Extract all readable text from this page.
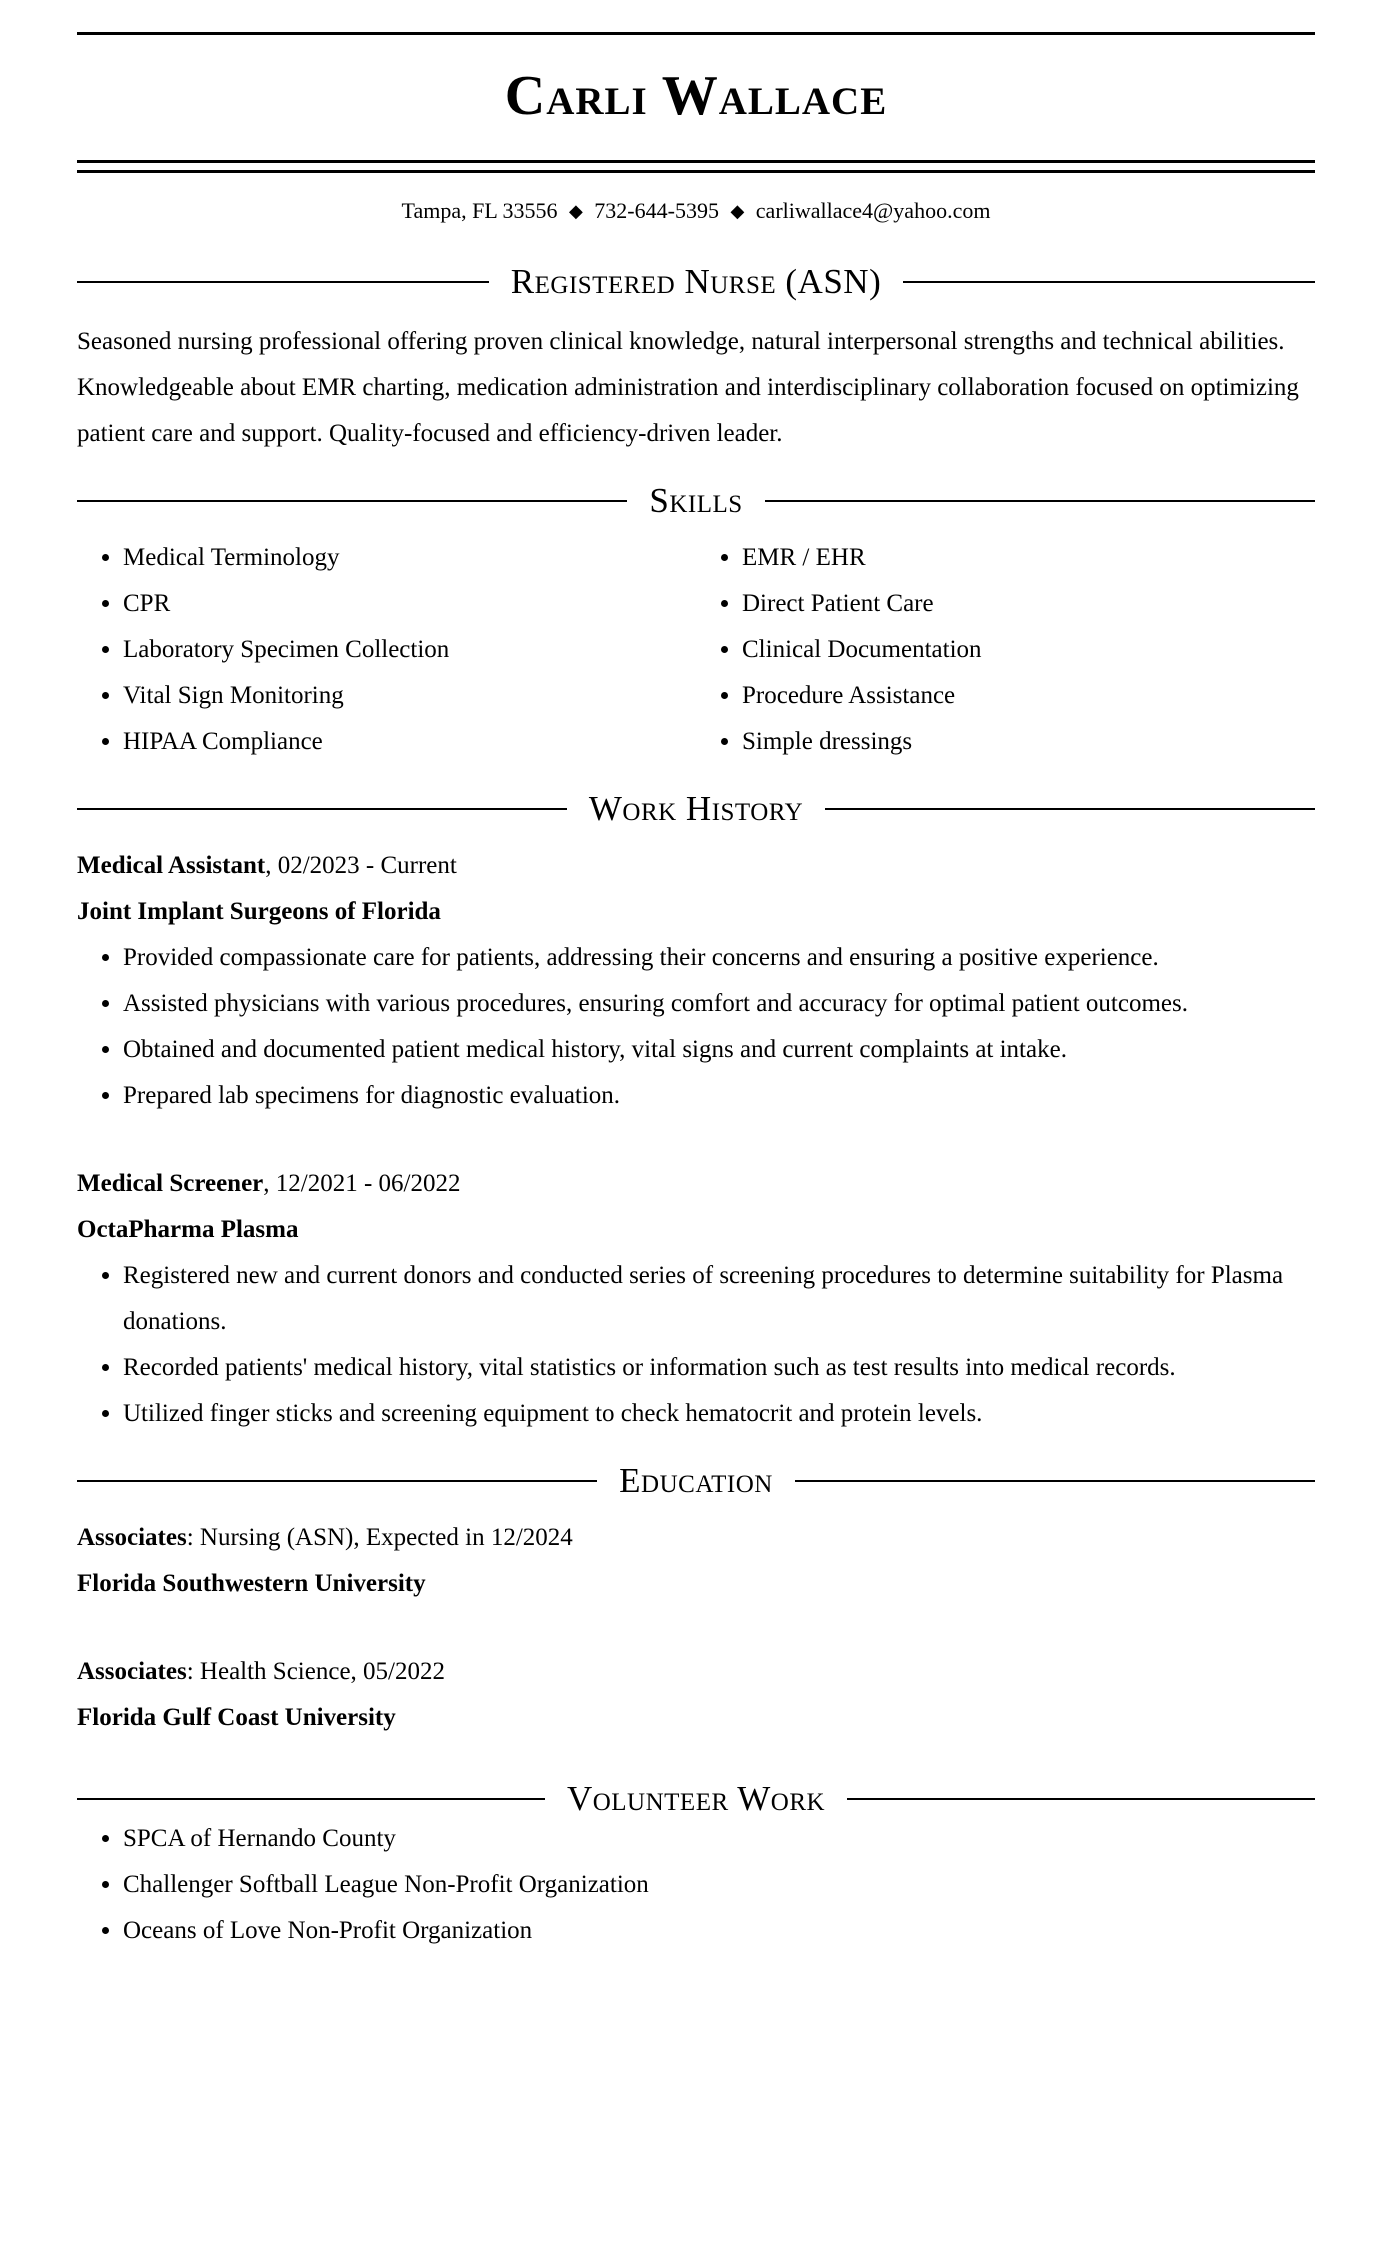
Carli Wallace
Tampa, FL 33556 ◆ 732-644-5395 ◆ carliwallace4@yahoo.com
Registered Nurse (ASN)
Seasoned nursing professional offering proven clinical knowledge, natural interpersonal strengths and technical abilities. Knowledgeable about EMR charting, medication administration and interdisciplinary collaboration focused on optimizing patient care and support. Quality-focused and efficiency-driven leader.
Skills
• Medical Terminology
• CPR
• Laboratory Specimen Collection
• Vital Sign Monitoring
• HIPAA Compliance
• EMR / EHR
• Direct Patient Care
• Clinical Documentation
• Procedure Assistance
• Simple dressings
Work History
Medical Assistant, 02/2023 - Current
Joint Implant Surgeons of Florida
• Provided compassionate care for patients, addressing their concerns and ensuring a positive experience.
• Assisted physicians with various procedures, ensuring comfort and accuracy for optimal patient outcomes.
• Obtained and documented patient medical history, vital signs and current complaints at intake.
• Prepared lab specimens for diagnostic evaluation.
Medical Screener, 12/2021 - 06/2022
OctaPharma Plasma
• Registered new and current donors and conducted series of screening procedures to determine suitability for Plasma donations.
• Recorded patients' medical history, vital statistics or information such as test results into medical records.
• Utilized finger sticks and screening equipment to check hematocrit and protein levels.
Education
Associates: Nursing (ASN), Expected in 12/2024
Florida Southwestern University
Associates: Health Science, 05/2022
Florida Gulf Coast University
Volunteer Work
• SPCA of Hernando County
• Challenger Softball League Non-Profit Organization
• Oceans of Love Non-Profit Organization
